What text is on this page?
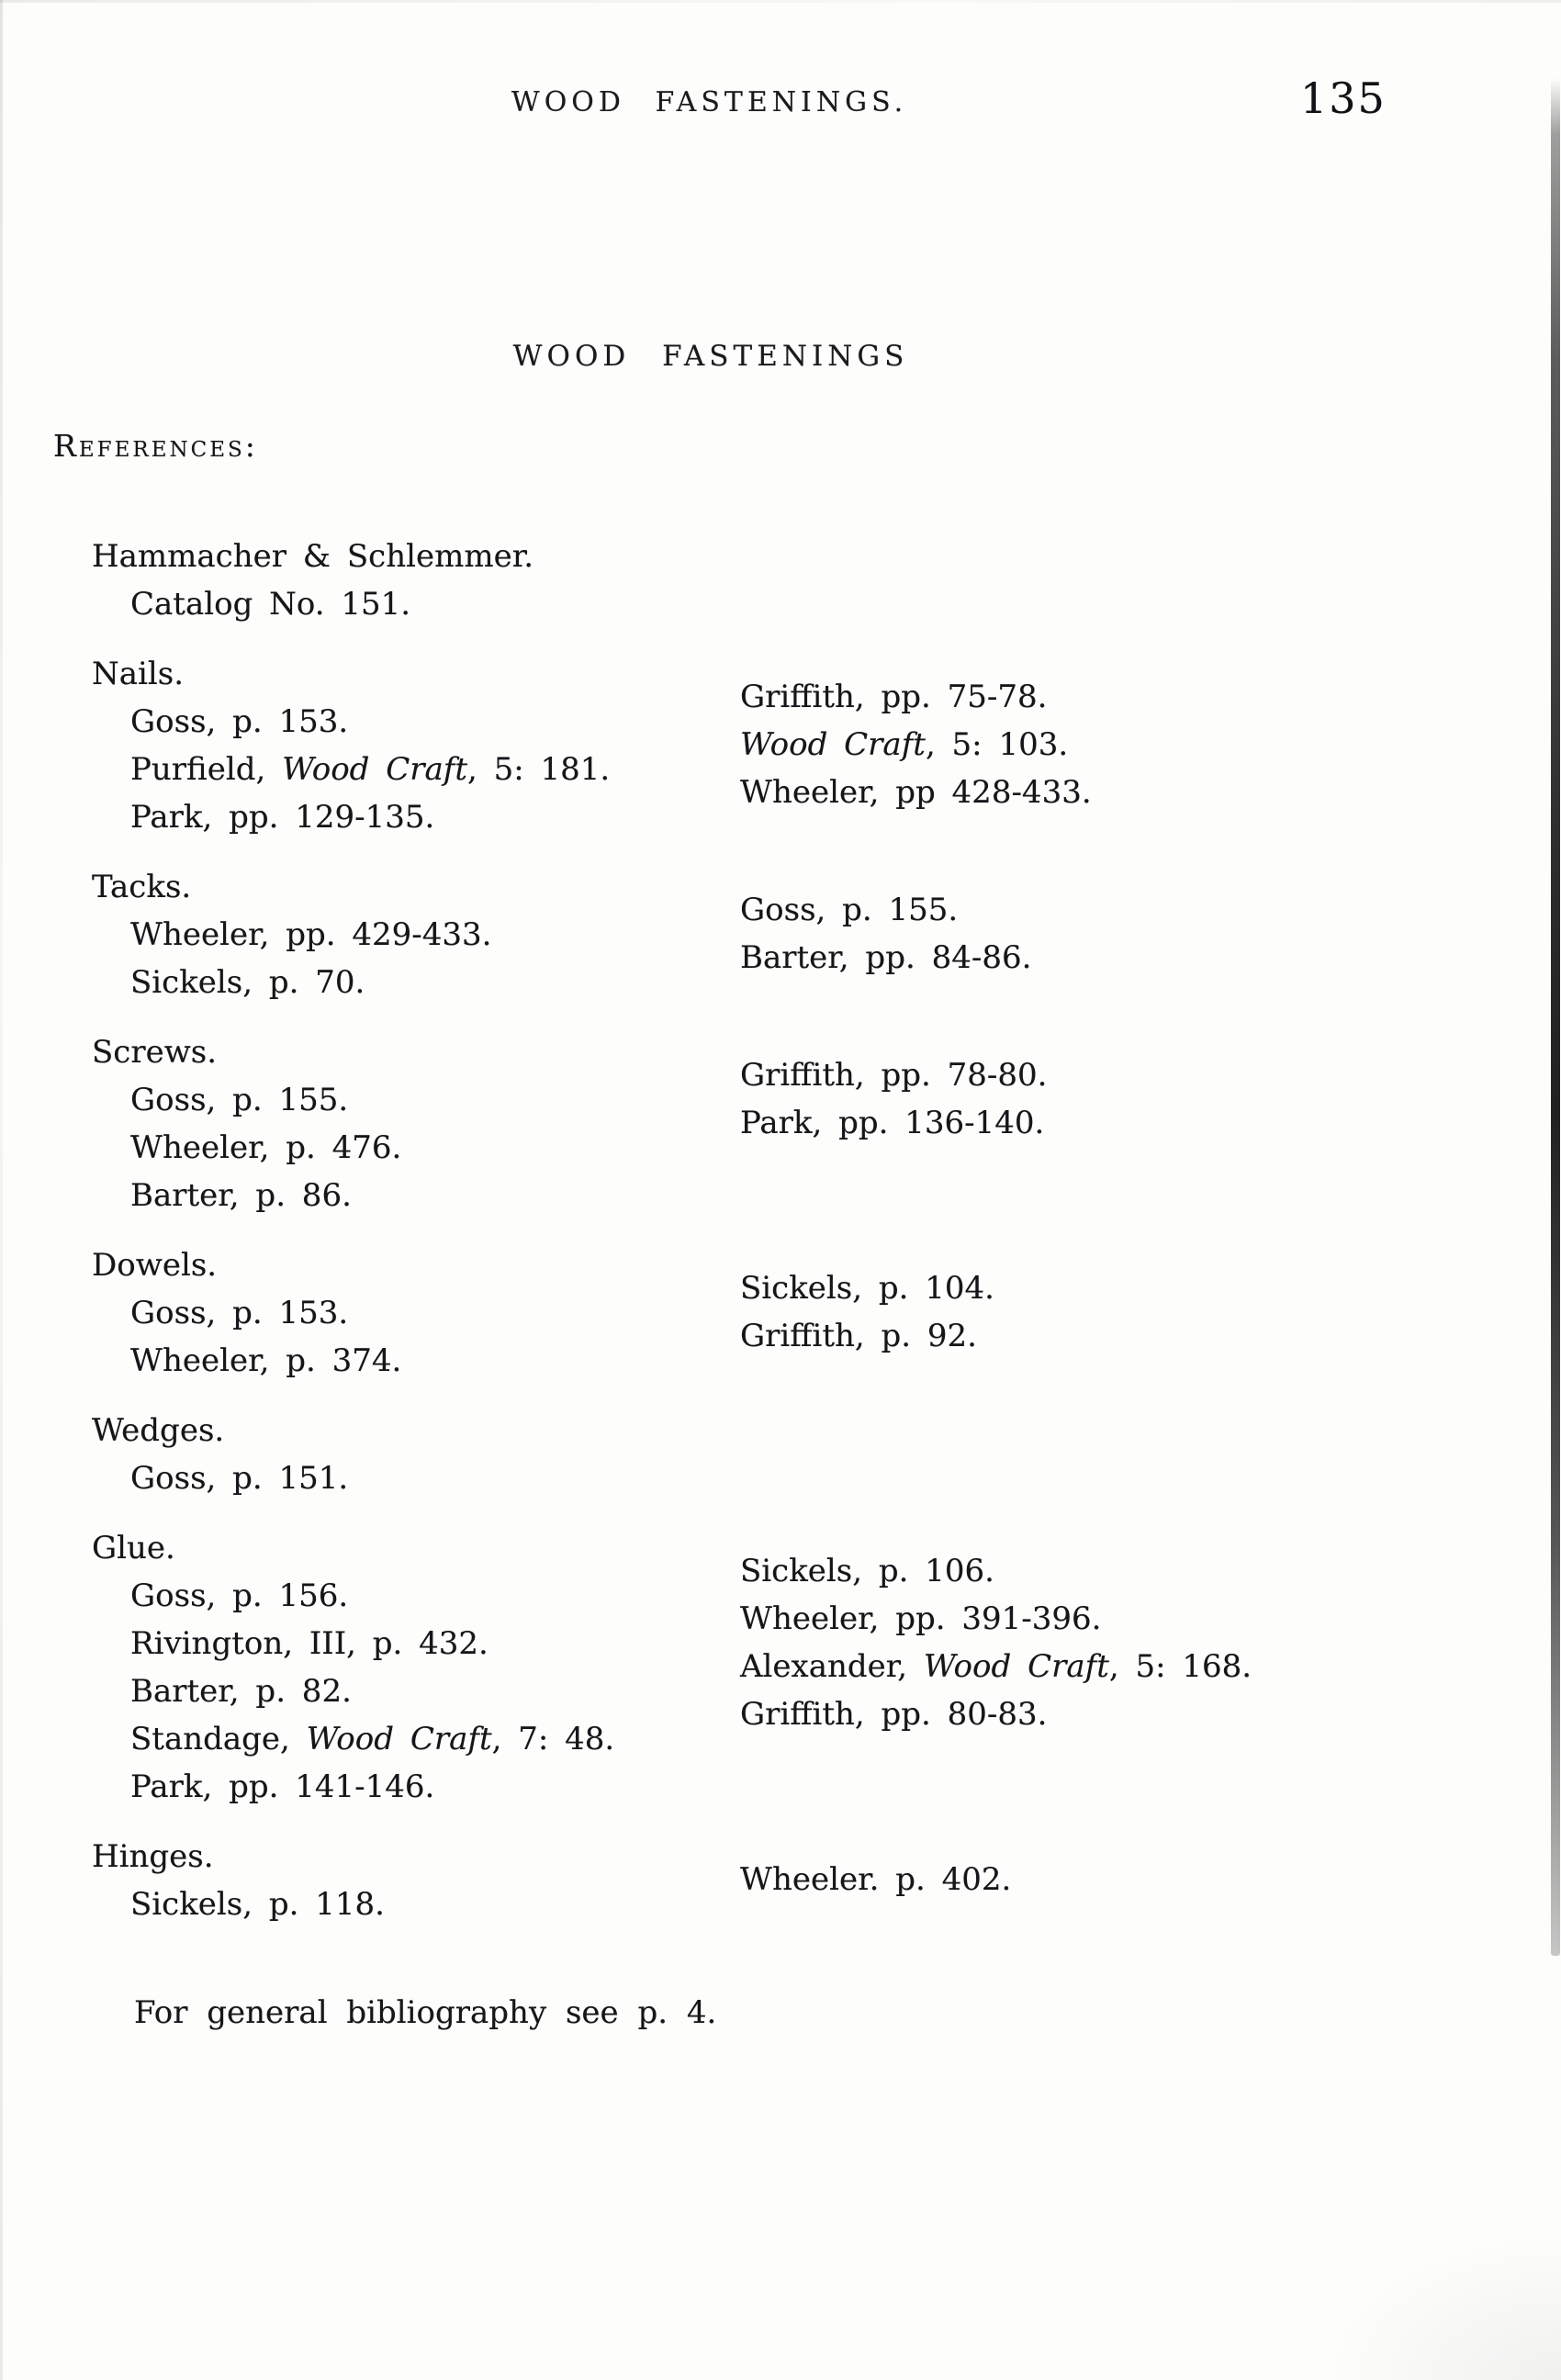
WOOD FASTENINGS.	135
WOOD FASTENINGS
References:
Hammacher & Schlemmer.
Catalog No. 151.
Nails.
Goss, p. 153.
Purfield, Wood Craft, 5: 181.
Park, pp. 129-135.
Griffith, pp. 75-78.
Wood Craft, 5: 103.
Wheeler, pp 428-433.
Tacks.
Wheeler, pp. 429-433.
Sickels, p. 70.
Goss, p. 155.
Barter, pp. 84-86.
Screws.
Goss, p. 155.
Wheeler, p. 476.
Barter, p. 86.
Griffith, pp. 78-80.
Park, pp. 136-140.
Dowels.
Goss, p. 153.
Wheeler, p. 374.
Sickels, p. 104.
Griffith, p. 92.
Wedges.
Goss, p. 151.
Glue.
Goss, p. 156.
Rivington, III, p. 432.
Barter, p. 82.
Standage, Wood Craft, 7: 48.
Park, pp. 141-146.
Sickels, p. 106.
Wheeler, pp. 391-396.
Alexander, Wood Craft, 5: 168.
Griffith, pp. 80-83.
Hinges.
Sickels, p. 118.
Wheeler. p. 402.
For general bibliography see p. 4.
